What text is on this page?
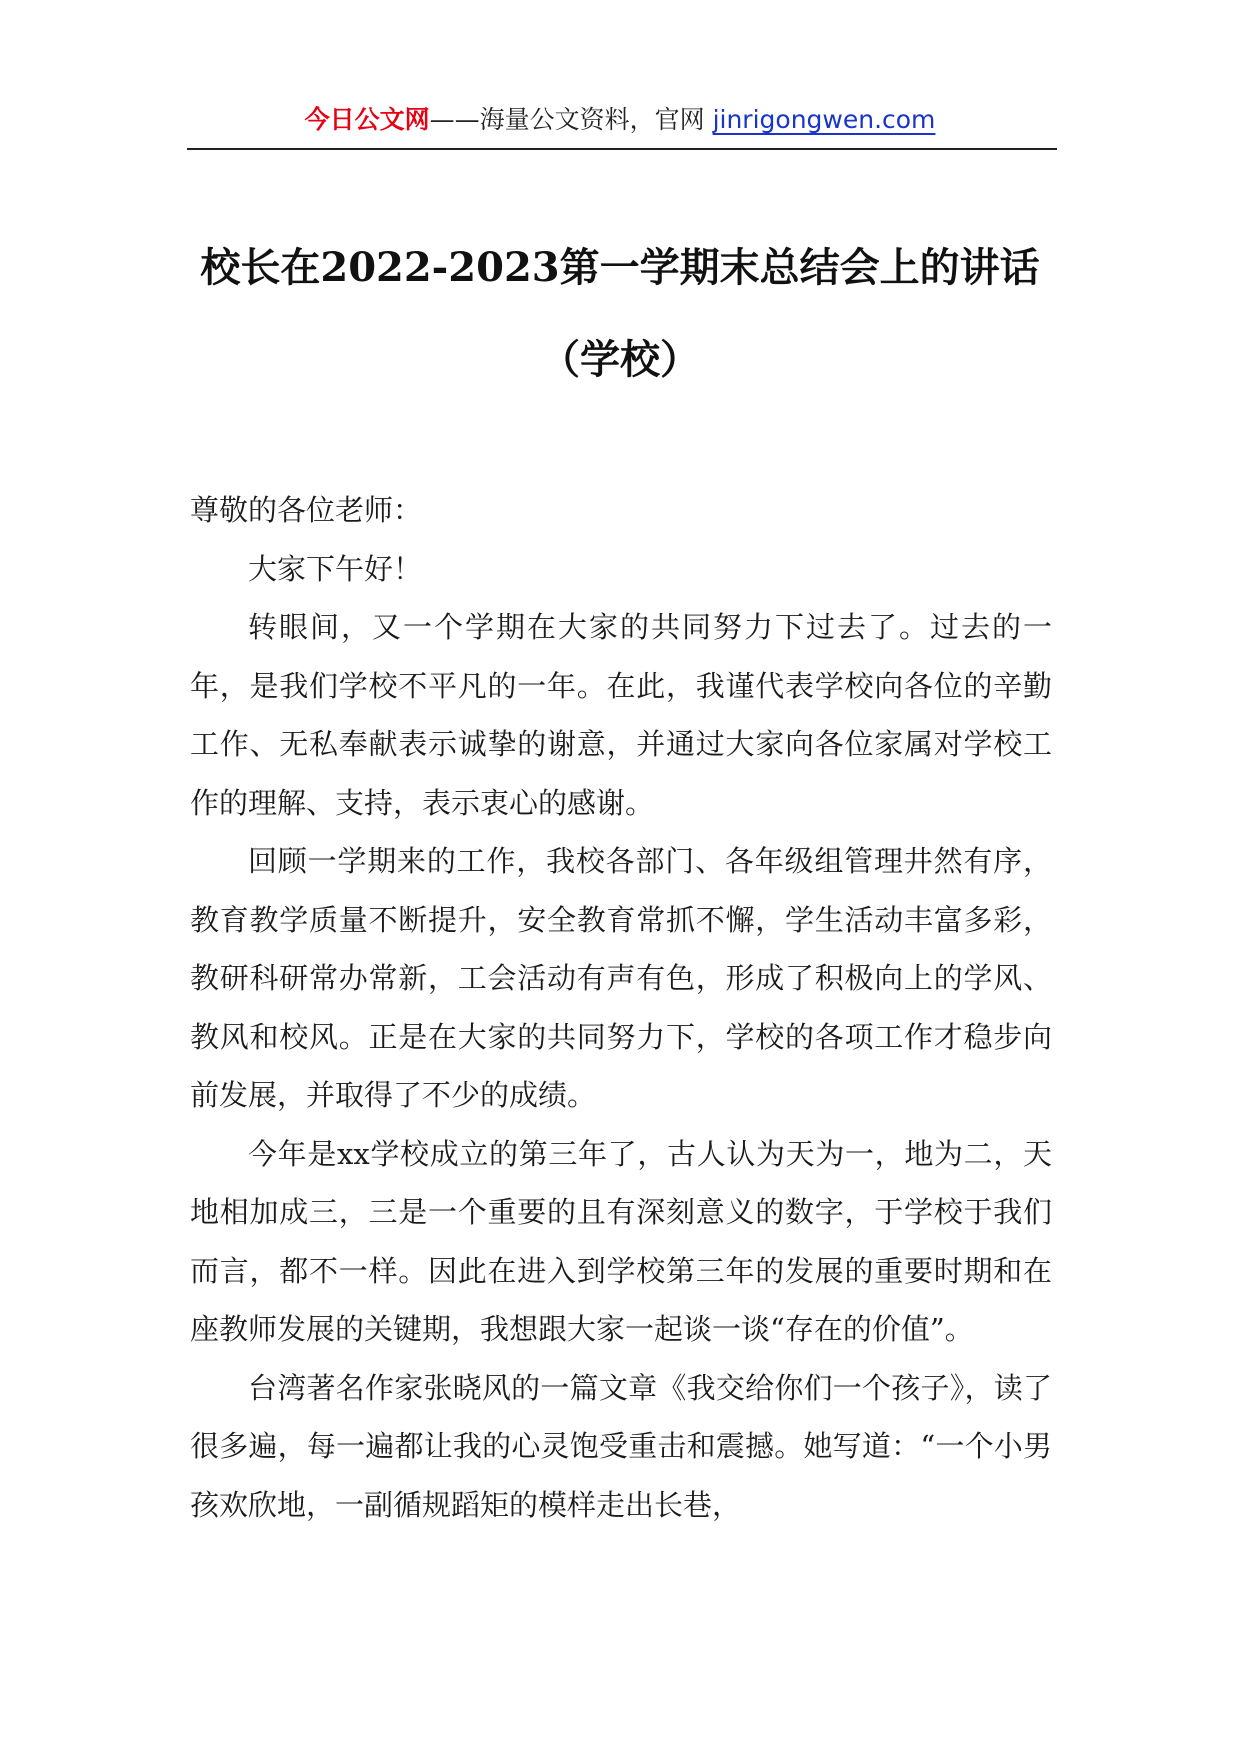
今日公文网——海量公文资料，官网 jinrigongwen.com
校长在2022-2023第一学期末总结会上的讲话（学校）

尊敬的各位老师：

大家下午好！

转眼间，又一个学期在大家的共同努力下过去了。过去的一年，是我们学校不平凡的一年。在此，我谨代表学校向各位的辛勤工作、无私奉献表示诚挚的谢意，并通过大家向各位家属对学校工作的理解、支持，表示衷心的感谢。

回顾一学期来的工作，我校各部门、各年级组管理井然有序，教育教学质量不断提升，安全教育常抓不懈，学生活动丰富多彩，教研科研常办常新，工会活动有声有色，形成了积极向上的学风、教风和校风。正是在大家的共同努力下，学校的各项工作才稳步向前发展，并取得了不少的成绩。

今年是xx学校成立的第三年了，古人认为天为一，地为二，天地相加成三，三是一个重要的且有深刻意义的数字，于学校于我们而言，都不一样。因此在进入到学校第三年的发展的重要时期和在座教师发展的关键期，我想跟大家一起谈一谈“存在的价值”。

台湾著名作家张晓风的一篇文章《我交给你们一个孩子》，读了很多遍，每一遍都让我的心灵饱受重击和震撼。她写道：“一个小男孩欢欣地，一副循规蹈矩的模样走出长巷，
